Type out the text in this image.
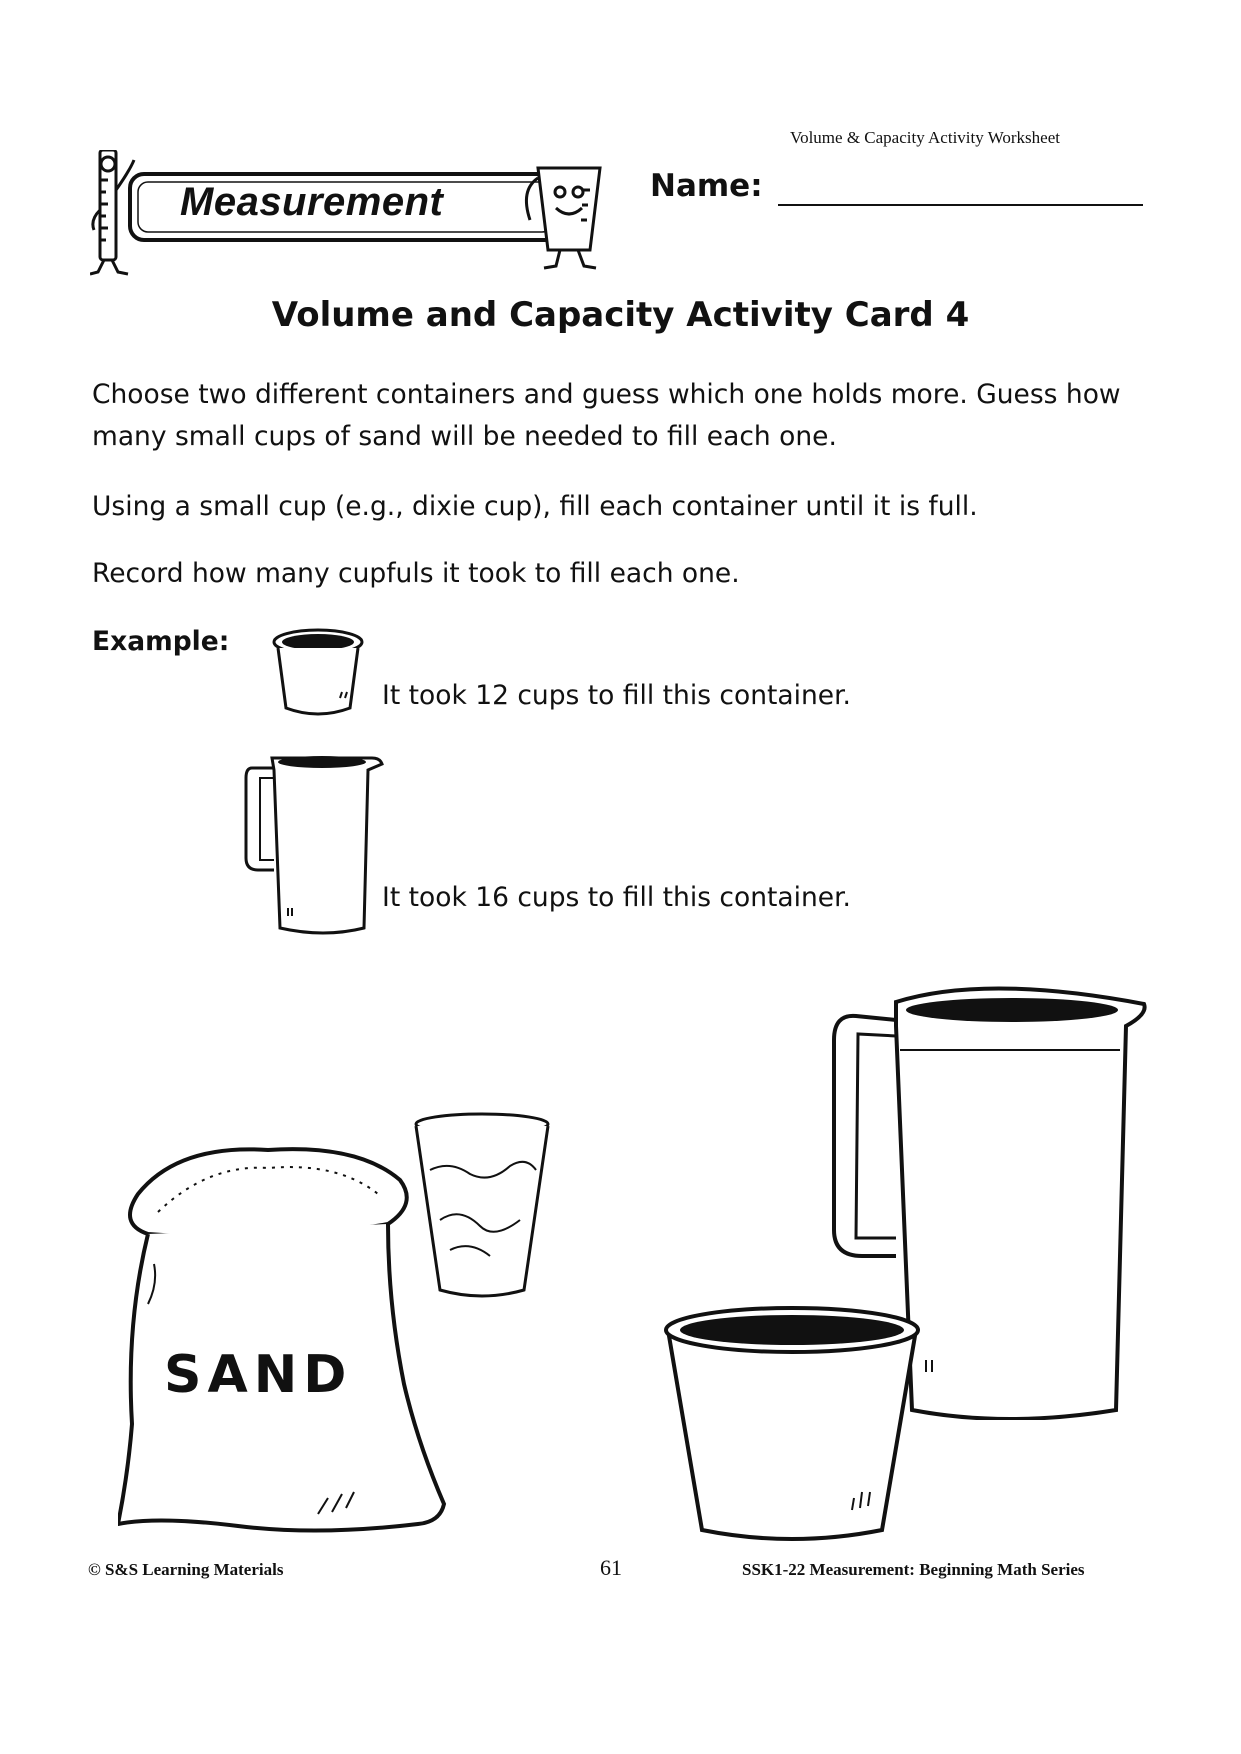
Volume & Capacity Activity Worksheet
Measurement	Name:
Volume and Capacity Activity Card 4
Choose two different containers and guess which one holds more. Guess how many small cups of sand will be needed to fill each one.
Using a small cup (e.g., dixie cup), fill each container until it is full.
Record how many cupfuls it took to fill each one.
Example:
It took 12 cups to fill this container.
It took 16 cups to fill this container.
SAND
© S&S Learning Materials	61	SSK1-22 Measurement: Beginning Math Series
